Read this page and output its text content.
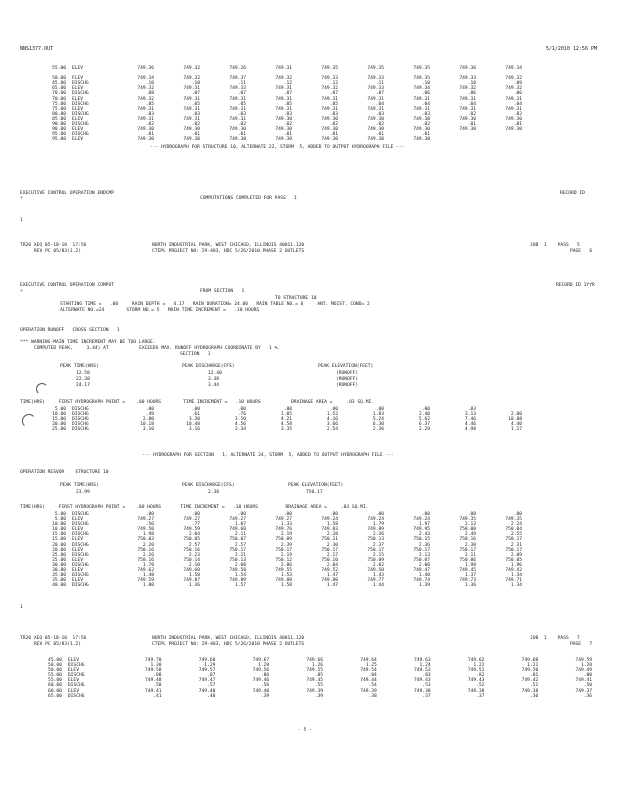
NNS1377.OUT	5/1/2010 12:56 PM
55.00	ELEV	749.36	749.32	749.26	749.31	749.35	749.35	749.35	749.36	749.34
50.00	FLEV	749.34	749.32	749.37	749.32	749.33	749.33	749.35	749.33	749.32
45.00	DISCHG	.10	.10	.11	.12	.12	.11	.10	.10	.09
65.00	ELEV	749.32	749.31	749.33	749.31	749.32	749.33	749.34	749.32	749.32
70.00	DISCHG	.08	.07	.07	.07	.07	.07	.06	.06	.06
70.00	ELEV	749.32	749.31	749.31	749.31	749.31	749.31	749.31	749.31	749.31
75.00	DISCHG	.05	.05	.05	.05	.05	.04	.04	.04	.04
75.00	ELEV	749.31	749.31	749.31	749.31	749.31	749.31	749.31	749.31	749.31
80.00	DISCHG	.03	.03	.03	.03	.03	.03	.03	.02	.02
85.00	ELEV	749.31	749.31	749.31	749.30	749.30	749.30	749.30	749.30	749.30
90.00	DISCHG	.02	.02	.02	.02	.02	.02	.02	.01	.01
90.00	ELEV	749.30	749.30	749.30	749.30	749.30	749.30	749.30	749.30	749.30
95.00	DISCHG	.01	.01	.01	.01	.01	.01	.01
95.00	ELEV	749.30	749.30	749.30	749.30	749.30	749.30	749.30
--- HYDROGRAPH FOR STRUCTURE 10, ALTERNATE 22, STORM  5, ADDED TO OUTPUT HYDROGRAPH FILE ---
EXECUTIVE CONTROL OPERATION ENDCMP	RECORD ID
+	COMPUTATIONS COMPLETED FOR PASS   1
1
TR20 XEQ 05-18-10  17:56
REV PC 05/83(1.2)
NORTH INDUSTRIAL PARK, WEST CHICAGO, ILLINOIS 40011.120
CTEPL PROJECT NO: 29-483, HDC 5/26/2010 PHASE 2 OUTLETS
JOB  1    PASS   5
PAGE   6
EXECUTIVE CONTROL OPERATION COMPUT	RECORD ID 1YYR
+	FROM SECTION   1
TO STRUCTURE 10
STARTING TIME =   .00     RAIN DEPTH =   4.17   RAIN DURATION= 24.00   RAIN TABLE NO.= 6     ANT. MOIST. COND= 2
ALTERNATE NO.=24        STORM NO.= 5   MAIN TIME INCREMENT =   .10 HOURS
OPERATION RUNOFF   CROSS SECTION   1
*** WARNING-MAIN TIME INCREMENT MAY BE TOO LARGE.
COMPUTED PEAK,     3.44) AT           EXCEEDS MAX. RUNOFF HYDROGRAPH COORDINATE BY   1 %.
SECTION   1
PEAK TIME(HRS)	PEAK DISCHARGE(CFS)	PEAK ELEVATION(FEET)
12.58	12.40	(RUNOFF)
22.38	3.38	(RUNOFF)
24.17	3.44	(RUNOFF)
TIME(HRS)     FIRST HYDROGRAPH POINT =    .00 HOURS        TIME INCREMENT =   .10 HOURS           DRAINAGE AREA =     .03 SQ.MI.
5.00	DISCHG	.00	.00	.00	.00	.00	.00	.00	.03
10.00	DISCHG	.49	.61	.76	1.05	1.52	1.83	2.40	3.13	2.00
15.00	DISCHG	2.80	3.30	3.50	4.21	4.16	5.24	5.62	7.46	10.88
20.00	DISCHG	10.18	10.48	4.56	4.58	3.66	6.30	6.37	4.46	4.40
25.00	DISCHG	3.10	3.16	3.34	3.35	2.54	2.36	2.29	4.98	1.17
--- HYDROGRAPH FOR SECTION   1, ALTERNATE 24, STORM  5, ADDED TO OUTPUT HYDROGRAPH FILE ---
OPERATION RESVOR    STRUCTURE 10
PEAK TIME(HRS)	PEAK DISCHARGE(CFS)	PEAK ELEVATION(FEET)
23.99	2.38	750.17
TIME(HRS)     FIRST HYDROGRAPH POINT =    .00 HOURS       TIME INCREMENT =   .10 HOURS          DRAINAGE AREA =     .03 SQ.MI.
5.00	DISCHG	.00	.00	.00	.00	.00	.00	.00	.00	.00
5.00	ELEV	749.27	749.27	749.27	749.27	749.24	749.24	749.24	749.35	749.35
10.00	DISCHG	.56	.77	1.07	1.33	1.58	1.79	1.97	2.13	2.24
10.00	ELEV	749.50	749.59	749.68	749.76	749.83	749.89	749.95	750.00	750.04
15.00	DISCHG	1.98	2.04	2.11	2.19	2.28	2.36	2.43	2.49	2.55
15.00	ELEV	750.03	750.05	750.07	750.09	750.11	750.13	750.15	750.16	750.17
20.00	DISCHG	2.20	2.57	2.57	2.39	2.30	2.37	2.36	2.38	2.31
20.00	ELEV	750.16	750.16	750.17	750.17	750.17	750.17	750.17	750.17	750.17
25.00	DISCHG	2.26	2.23	2.21	2.19	2.17	2.15	2.13	2.11	2.09
25.00	ELEV	750.16	750.14	750.13	750.12	750.10	750.09	750.07	750.06	750.05
30.00	DISCHG	1.78	2.10	2.08	2.06	2.04	2.02	2.00	1.98	1.96
30.00	ELEV	749.62	749.60	749.58	749.55	749.52	749.50	749.47	749.45	749.42
35.00	DISCHG	1.48	1.58	1.54	1.53	1.47	1.43	1.40	1.37	1.34
35.00	ELEV	749.59	749.87	749.89	749.88	749.80	749.77	749.74	749.73	749.71
40.00	DISCHG	1.00	1.36	1.57	1.50	1.47	1.44	1.39	1.36	1.34
1
TR20 XEQ 05-18-10  17:56
REV PC 05/83(1.2)
NORTH INDUSTRIAL PARK, WEST CHICAGO, ILLINOIS 40011.120
CTEPL PROJECT NO: 29-483, HDC 5/26/2010 PHASE 2 OUTLETS
JOB  1    PASS   7
PAGE   7
45.00	ELEV	749.70	749.68	749.67	749.66	749.64	749.63	749.62	749.60	749.59
50.00	DISCHG	1.30	1.29	1.28	1.26	1.25	1.24	1.22	1.21	1.20
50.00	ELEV	749.58	749.57	749.56	749.55	749.54	749.53	749.51	749.50	749.49
55.00	DISCHG	.88	.87	.86	.85	.84	.83	.82	.81	.80
55.00	ELEV	749.48	749.47	749.46	749.45	749.44	749.43	749.43	749.42	749.41
60.00	DISCHG	.58	.57	.56	.55	.54	.53	.52	.51	.50
60.00	ELEV	749.41	749.40	749.40	749.39	749.39	749.38	749.38	749.38	749.37
65.00	DISCHG	.41	.40	.39	.39	.38	.37	.37	.36	.36
- 5 -
